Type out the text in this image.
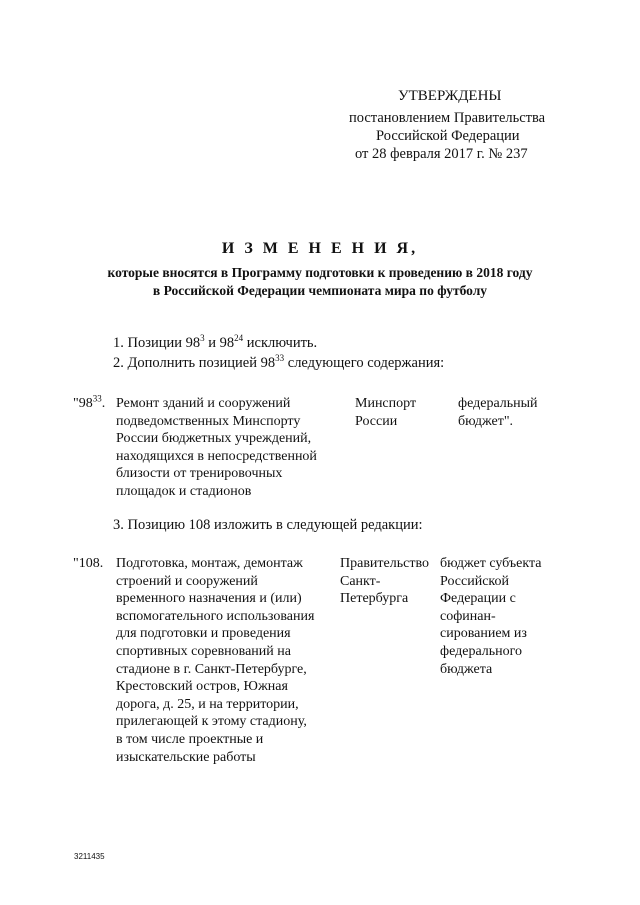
УТВЕРЖДЕНЫ
постановлением Правительства
Российской Федерации
от 28 февраля 2017 г. № 237
И З М Е Н Е Н И Я,
которые вносятся в Программу подготовки к проведению в 2018 году
в Российской Федерации чемпионата мира по футболу
1. Позиции $98^3$ и $98^{24}$ исключить.
2. Дополнить позицией $98^{33}$ следующего содержания:
"$98^{33}$. Ремонт зданий и сооружений
подведомственных Минспорту
России бюджетных учреждений,
находящихся в непосредственной
близости от тренировочных
площадок и стадионов
Минспорт
России
федеральный
бюджет".
3. Позицию 108 изложить в следующей редакции:
"108. Подготовка, монтаж, демонтаж
строений и сооружений
временного назначения и (или)
вспомогательного использования
для подготовки и проведения
спортивных соревнований на
стадионе в г. Санкт-Петербурге,
Крестовский остров, Южная
дорога, д. 25, и на территории,
прилегающей к этому стадиону,
в том числе проектные и
изыскательские работы
Правительство
Санкт-
Петербурга
бюджет субъекта
Российской
Федерации с
софинан-
сированием из
федерального
бюджета
3211435
